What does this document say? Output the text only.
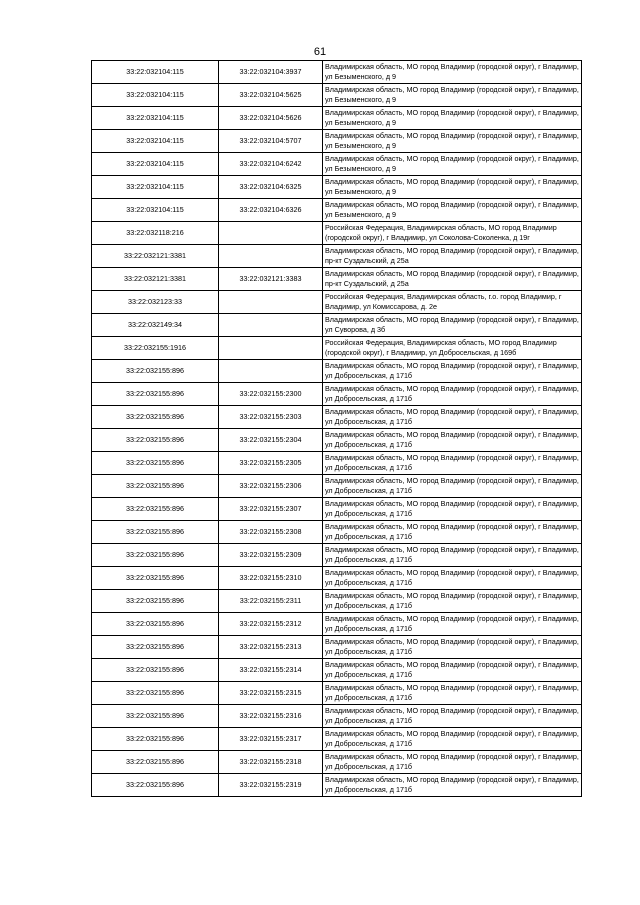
61
33:22:032104:115	33:22:032104:3937	Владимирская область, МО город Владимир (городской округ), г Владимир, ул Безыменского, д 9
33:22:032104:115	33:22:032104:5625	Владимирская область, МО город Владимир (городской округ), г Владимир, ул Безыменского, д 9
33:22:032104:115	33:22:032104:5626	Владимирская область, МО город Владимир (городской округ), г Владимир, ул Безыменского, д 9
33:22:032104:115	33:22:032104:5707	Владимирская область, МО город Владимир (городской округ), г Владимир, ул Безыменского, д 9
33:22:032104:115	33:22:032104:6242	Владимирская область, МО город Владимир (городской округ), г Владимир, ул Безыменского, д 9
33:22:032104:115	33:22:032104:6325	Владимирская область, МО город Владимир (городской округ), г Владимир, ул Безыменского, д 9
33:22:032104:115	33:22:032104:6326	Владимирская область, МО город Владимир (городской округ), г Владимир, ул Безыменского, д 9
33:22:032118:216		Российская Федерация, Владимирская область, МО город Владимир (городской округ), г Владимир, ул Соколова-Соколенка, д 19г
33:22:032121:3381		Владимирская область, МО город Владимир (городской округ), г Владимир, пр-кт Суздальский, д 25а
33:22:032121:3381	33:22:032121:3383	Владимирская область, МО город Владимир (городской округ), г Владимир, пр-кт Суздальский, д 25а
33:22:032123:33		Российская Федерация, Владимирская область, г.о. город Владимир, г Владимир, ул Комиссарова, д. 2е
33:22:032149:34		Владимирская область, МО город Владимир (городской округ), г Владимир, ул Суворова, д 3б
33:22:032155:1916		Российская Федерация, Владимирская область, МО город Владимир (городской округ), г Владимир, ул Добросельская, д 169б
33:22:032155:896		Владимирская область, МО город Владимир (городской округ), г Владимир, ул Добросельская, д 171б
33:22:032155:896	33:22:032155:2300	Владимирская область, МО город Владимир (городской округ), г Владимир, ул Добросельская, д 171б
33:22:032155:896	33:22:032155:2303	Владимирская область, МО город Владимир (городской округ), г Владимир, ул Добросельская, д 171б
33:22:032155:896	33:22:032155:2304	Владимирская область, МО город Владимир (городской округ), г Владимир, ул Добросельская, д 171б
33:22:032155:896	33:22:032155:2305	Владимирская область, МО город Владимир (городской округ), г Владимир, ул Добросельская, д 171б
33:22:032155:896	33:22:032155:2306	Владимирская область, МО город Владимир (городской округ), г Владимир, ул Добросельская, д 171б
33:22:032155:896	33:22:032155:2307	Владимирская область, МО город Владимир (городской округ), г Владимир, ул Добросельская, д 171б
33:22:032155:896	33:22:032155:2308	Владимирская область, МО город Владимир (городской округ), г Владимир, ул Добросельская, д 171б
33:22:032155:896	33:22:032155:2309	Владимирская область, МО город Владимир (городской округ), г Владимир, ул Добросельская, д 171б
33:22:032155:896	33:22:032155:2310	Владимирская область, МО город Владимир (городской округ), г Владимир, ул Добросельская, д 171б
33:22:032155:896	33:22:032155:2311	Владимирская область, МО город Владимир (городской округ), г Владимир, ул Добросельская, д 171б
33:22:032155:896	33:22:032155:2312	Владимирская область, МО город Владимир (городской округ), г Владимир, ул Добросельская, д 171б
33:22:032155:896	33:22:032155:2313	Владимирская область, МО город Владимир (городской округ), г Владимир, ул Добросельская, д 171б
33:22:032155:896	33:22:032155:2314	Владимирская область, МО город Владимир (городской округ), г Владимир, ул Добросельская, д 171б
33:22:032155:896	33:22:032155:2315	Владимирская область, МО город Владимир (городской округ), г Владимир, ул Добросельская, д 171б
33:22:032155:896	33:22:032155:2316	Владимирская область, МО город Владимир (городской округ), г Владимир, ул Добросельская, д 171б
33:22:032155:896	33:22:032155:2317	Владимирская область, МО город Владимир (городской округ), г Владимир, ул Добросельская, д 171б
33:22:032155:896	33:22:032155:2318	Владимирская область, МО город Владимир (городской округ), г Владимир, ул Добросельская, д 171б
33:22:032155:896	33:22:032155:2319	Владимирская область, МО город Владимир (городской округ), г Владимир, ул Добросельская, д 171б
